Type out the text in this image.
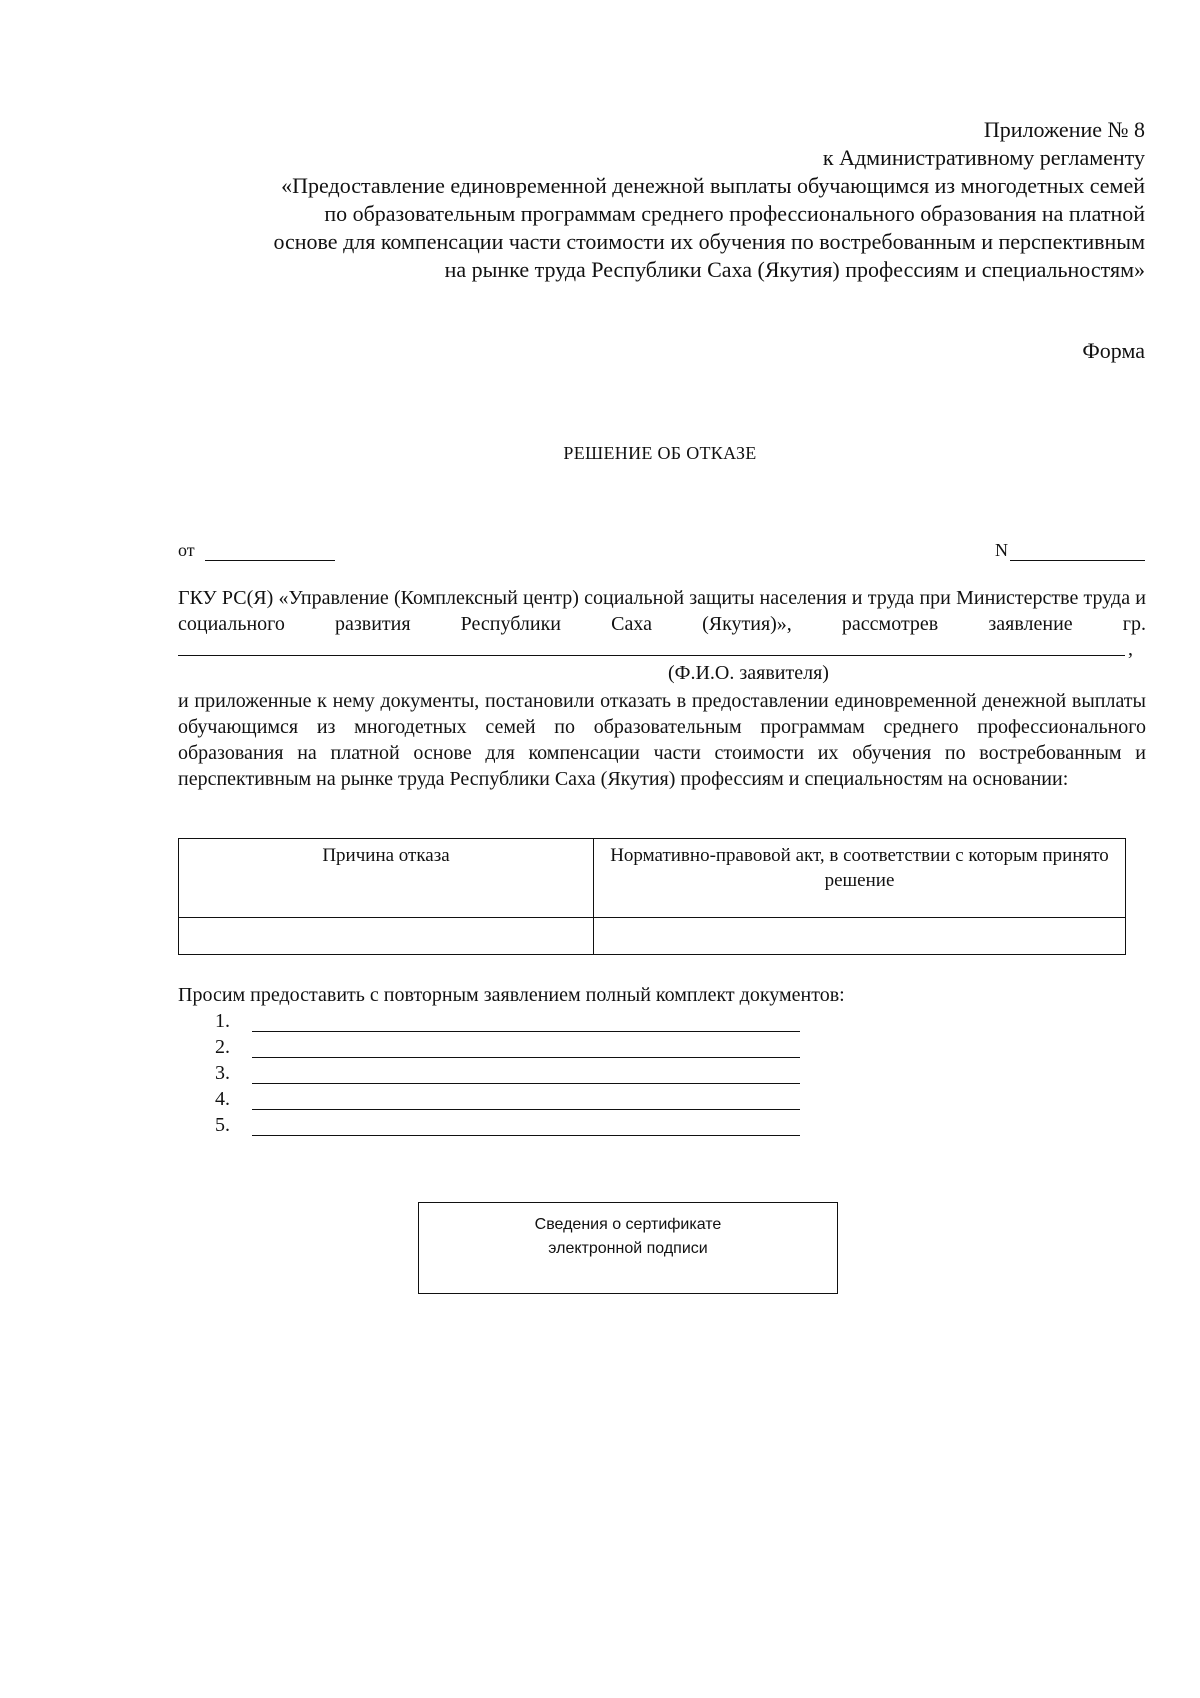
Приложение № 8
к Административному регламенту
«Предоставление единовременной денежной выплаты обучающимся из многодетных семей
по образовательным программам среднего профессионального образования на платной
основе для компенсации части стоимости их обучения по востребованным и перспективным
на рынке труда Республики Саха (Якутия) профессиям и специальностям»
Форма
РЕШЕНИЕ ОБ ОТКАЗЕ
от	N
ГКУ РС(Я) «Управление (Комплексный центр) социальной защиты населения и труда при Министерстве труда и социального развития Республики Саха (Якутия)», рассмотрев заявление гр.
,
(Ф.И.О. заявителя)
и приложенные к нему документы, постановили отказать в предоставлении единовременной денежной выплаты обучающимся из многодетных семей по образовательным программам среднего профессионального образования на платной основе для компенсации части стоимости их обучения по востребованным и перспективным на рынке труда Республики Саха (Якутия) профессиям и специальностям на основании:
Причина отказа	Нормативно-правовой акт, в соответствии с которым принято решение

Просим предоставить с повторным заявлением полный комплект документов:
1.
2.
3.
4.
5.
Сведения о сертификате
электронной подписи
